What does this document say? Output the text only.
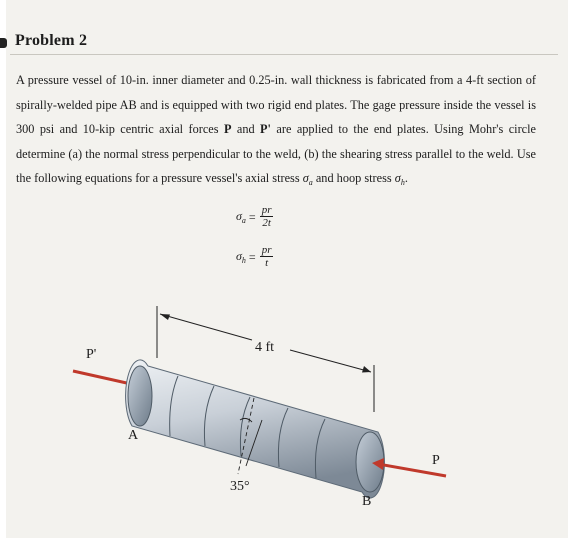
Problem 2

A pressure vessel of 10-in. inner diameter and 0.25-in. wall thickness is fabricated from a 4-ft section of spirally-welded pipe AB and is equipped with two rigid end plates. The gage pressure inside the vessel is 300 psi and 10-kip centric axial forces P and P' are applied to the end plates. Using Mohr's circle determine (a) the normal stress perpendicular to the weld, (b) the shearing stress parallel to the weld. Use the following equations for a pressure vessel's axial stress $\sigma_a$ and hoop stress $\sigma_h$.

$\sigma_a = \frac{pr}{2t}$
$\sigma_h = \frac{pr}{t}$
4 ft
35°
A
B
P
P'
